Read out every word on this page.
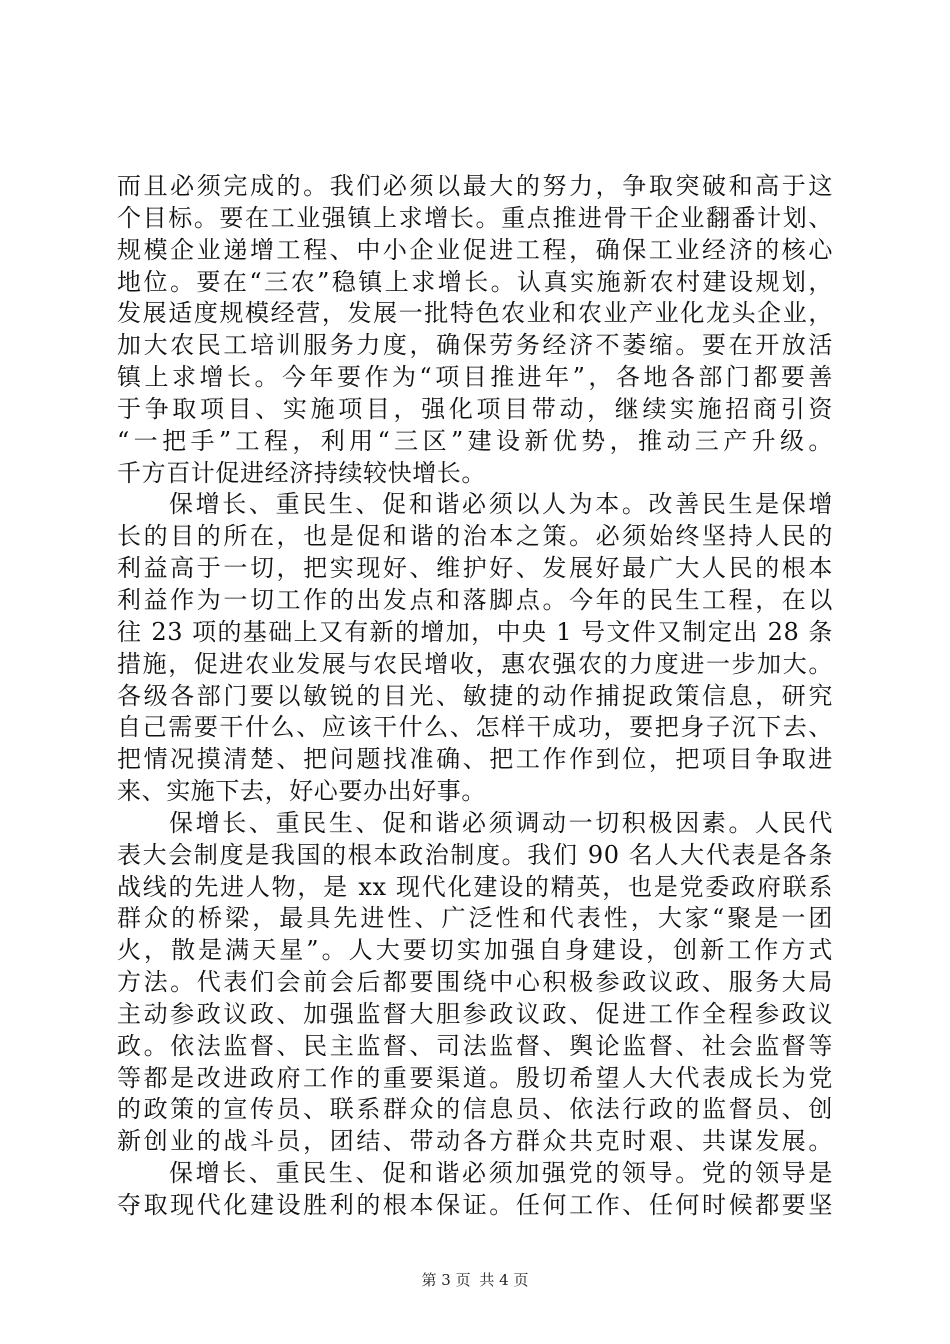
而且必须完成的。我们必须以最大的努力，争取突破和高于这
个目标。要在工业强镇上求增长。重点推进骨干企业翻番计划、
规模企业递增工程、中小企业促进工程，确保工业经济的核心
地位。要在“三农”稳镇上求增长。认真实施新农村建设规划，
发展适度规模经营，发展一批特色农业和农业产业化龙头企业，
加大农民工培训服务力度，确保劳务经济不萎缩。要在开放活
镇上求增长。今年要作为“项目推进年”，各地各部门都要善
于争取项目、实施项目，强化项目带动，继续实施招商引资
“一把手”工程，利用“三区”建设新优势，推动三产升级。
千方百计促进经济持续较快增长。
保增长、重民生、促和谐必须以人为本。改善民生是保增
长的目的所在，也是促和谐的治本之策。必须始终坚持人民的
利益高于一切，把实现好、维护好、发展好最广大人民的根本
利益作为一切工作的出发点和落脚点。今年的民生工程，在以
往 23 项的基础上又有新的增加，中央 1 号文件又制定出 28 条
措施，促进农业发展与农民增收，惠农强农的力度进一步加大。
各级各部门要以敏锐的目光、敏捷的动作捕捉政策信息，研究
自己需要干什么、应该干什么、怎样干成功，要把身子沉下去、
把情况摸清楚、把问题找准确、把工作作到位，把项目争取进
来、实施下去，好心要办出好事。
保增长、重民生、促和谐必须调动一切积极因素。人民代
表大会制度是我国的根本政治制度。我们 90 名人大代表是各条
战线的先进人物，是 xx 现代化建设的精英，也是党委政府联系
群众的桥梁，最具先进性、广泛性和代表性，大家“聚是一团
火，散是满天星”。人大要切实加强自身建设，创新工作方式
方法。代表们会前会后都要围绕中心积极参政议政、服务大局
主动参政议政、加强监督大胆参政议政、促进工作全程参政议
政。依法监督、民主监督、司法监督、舆论监督、社会监督等
等都是改进政府工作的重要渠道。殷切希望人大代表成长为党
的政策的宣传员、联系群众的信息员、依法行政的监督员、创
新创业的战斗员，团结、带动各方群众共克时艰、共谋发展。
保增长、重民生、促和谐必须加强党的领导。党的领导是
夺取现代化建设胜利的根本保证。任何工作、任何时候都要坚
第 3 页 共 4 页
